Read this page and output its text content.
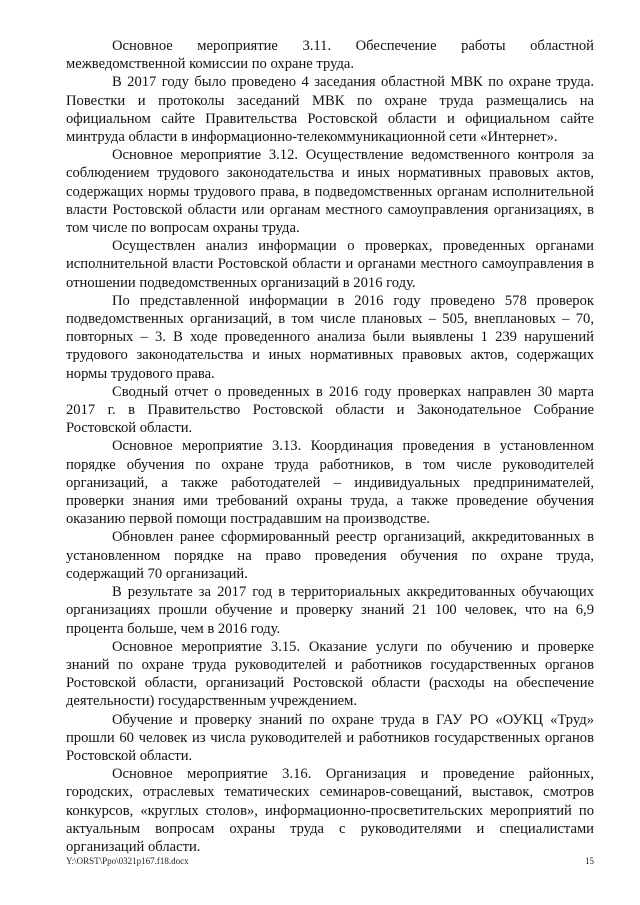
Основное мероприятие 3.11. Обеспечение работы областной межведомственной комиссии по охране труда.

В 2017 году было проведено 4 заседания областной МВК по охране труда. Повестки и протоколы заседаний МВК по охране труда размещались на официальном сайте Правительства Ростовской области и официальном сайте минтруда области в информационно-телекоммуникационной сети «Интернет».

Основное мероприятие 3.12. Осуществление ведомственного контроля за соблюдением трудового законодательства и иных нормативных правовых актов, содержащих нормы трудового права, в подведомственных органам исполнительной власти Ростовской области или органам местного самоуправления организациях, в том числе по вопросам охраны труда.

Осуществлен анализ информации о проверках, проведенных органами исполнительной власти Ростовской области и органами местного самоуправления в отношении подведомственных организаций в 2016 году.

По представленной информации в 2016 году проведено 578 проверок подведомственных организаций, в том числе плановых – 505, внеплановых – 70, повторных – 3. В ходе проведенного анализа были выявлены 1 239 нарушений трудового законодательства и иных нормативных правовых актов, содержащих нормы трудового права.

Сводный отчет о проведенных в 2016 году проверках направлен 30 марта 2017 г. в Правительство Ростовской области и Законодательное Собрание Ростовской области.

Основное мероприятие 3.13. Координация проведения в установленном порядке обучения по охране труда работников, в том числе руководителей организаций, а также работодателей – индивидуальных предпринимателей, проверки знания ими требований охраны труда, а также проведение обучения оказанию первой помощи пострадавшим на производстве.

Обновлен ранее сформированный реестр организаций, аккредитованных в установленном порядке на право проведения обучения по охране труда, содержащий 70 организаций.

В результате за 2017 год в территориальных аккредитованных обучающих организациях прошли обучение и проверку знаний 21 100 человек, что на 6,9 процента больше, чем в 2016 году.

Основное мероприятие 3.15. Оказание услуги по обучению и проверке знаний по охране труда руководителей и работников государственных органов Ростовской области, организаций Ростовской области (расходы на обеспечение деятельности) государственным учреждением.

Обучение и проверку знаний по охране труда в ГАУ РО «ОУКЦ «Труд» прошли 60 человек из числа руководителей и работников государственных органов Ростовской области.

Основное мероприятие 3.16. Организация и проведение районных, городских, отраслевых тематических семинаров-совещаний, выставок, смотров конкурсов, «круглых столов», информационно-просветительских мероприятий по актуальным вопросам охраны труда с руководителями и специалистами организаций области.

Y:\ORST\Ppo\0321p167.f18.docx	15
